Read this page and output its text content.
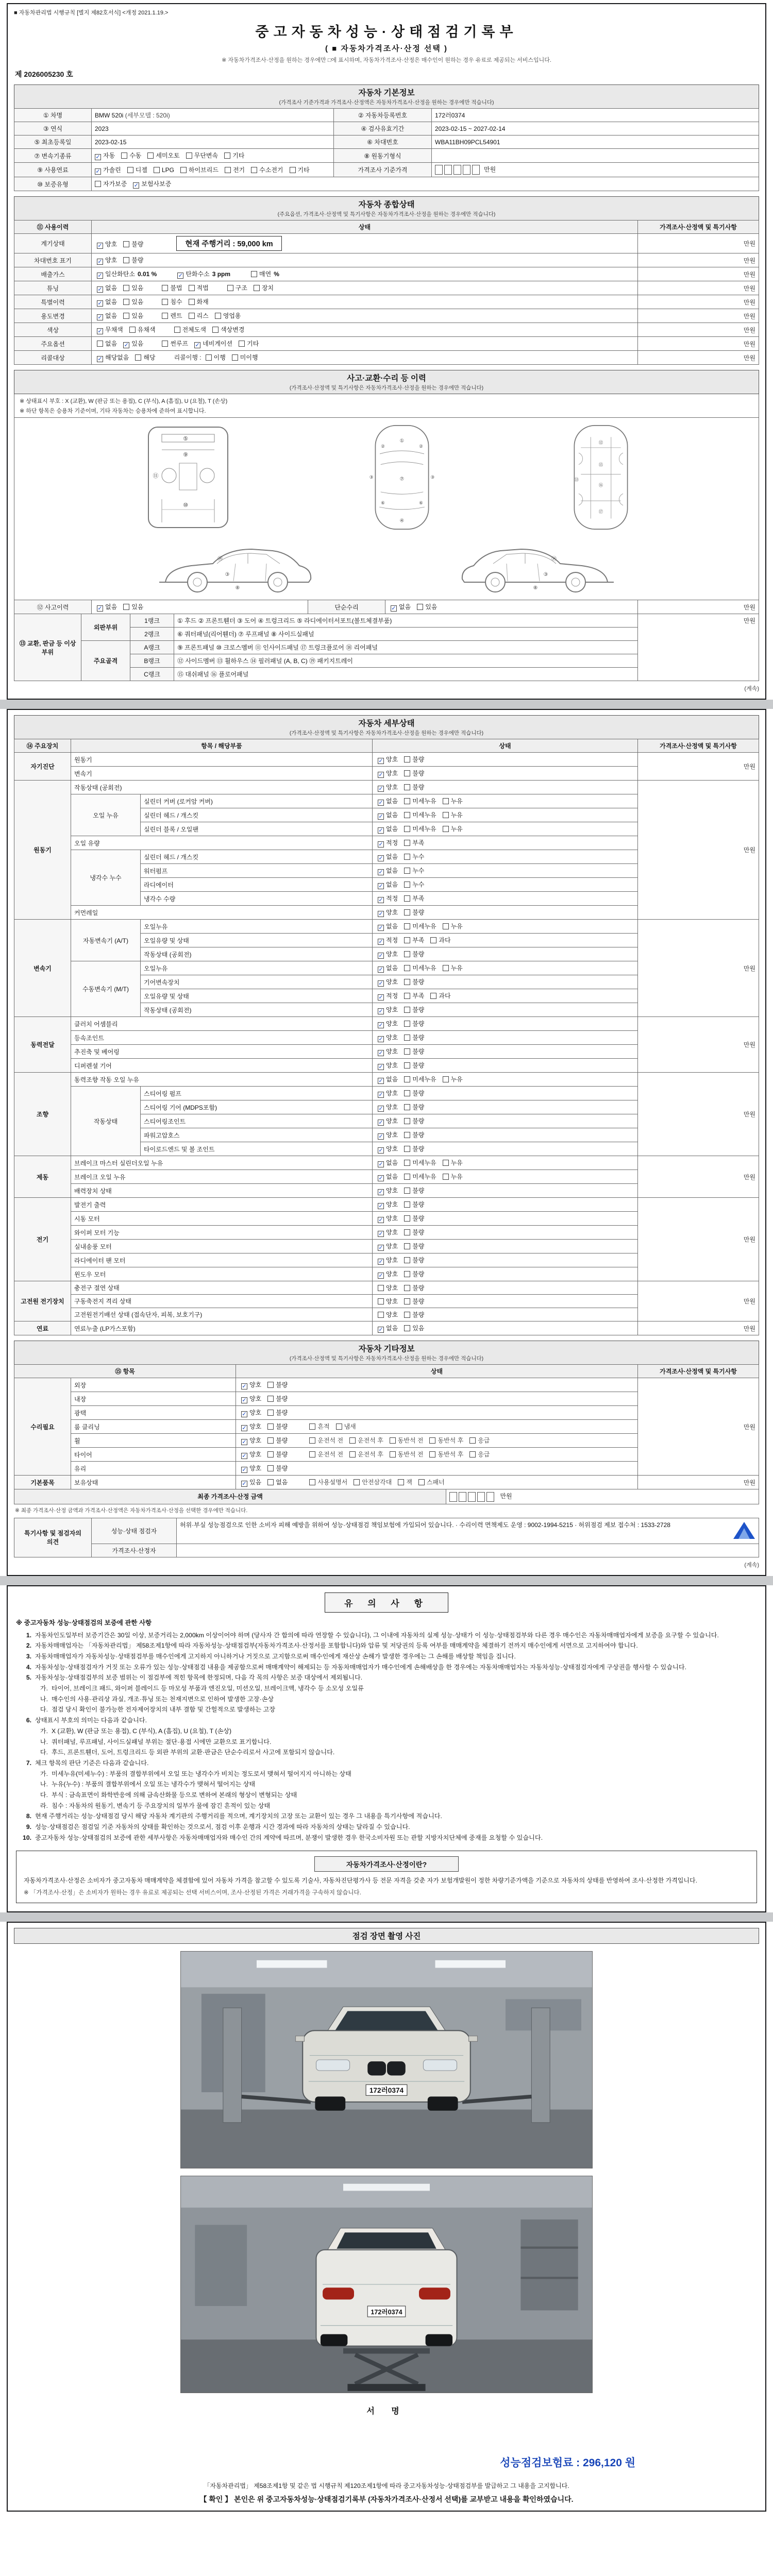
■ 자동차관리법 시행규칙 [별지 제82호서식] <개정 2021.1.19.>
중고자동차성능·상태점검기록부
( ■ 자동차가격조사·산정 선택 )
※ 자동차가격조사·산정을 원하는 경우에만 □에 표시하며, 자동차가격조사·산정은 매수인이 원하는 경우 유료로 제공되는 서비스입니다.
제 2026005230 호
자동차 기본정보
(가격조사 기준가격과 가격조사·산정액은 자동차가격조사·산정을 원하는 경우에만 적습니다)
① 차명	BMW 520i (세부모델 : 520i)	② 자동차등록번호	172러0374
③ 연식	2023	④ 검사유효기간	2023-02-15 ~ 2027-02-14
⑤ 최초등록일	2023-02-15	⑥ 차대번호	WBA11BH09PCL54901
⑦ 변속기종류	✓ 자동 수동 세미오토 무단변속 기타	⑧ 원동기형식	
⑨ 사용연료	✓ 가솔린 디젤 LPG 하이브리드 전기 수소전기 기타	가격조사 기준가격	만원
⑩ 보증유형	자가보증 ✓ 보험사보증		
자동차 종합상태
(주요옵션, 가격조사·산정액 및 특기사항은 자동차가격조사·산정을 원하는 경우에만 적습니다)
⑪ 사용이력	상태	가격조사·산정액 및 특기사항
계기상태	✓ 양호 불량 현재 주행거리 : 59,000 km	만원
차대번호 표기	✓ 양호 불량	만원
배출가스	✓ 일산화탄소 0.01 % ✓ 탄화수소 3 ppm 매연 %	만원
튜닝	✓ 없음 있음 불법 적법 구조 장치	만원
특별이력	✓ 없음 있음 침수 화재	만원
용도변경	✓ 없음 있음 렌트 리스 영업용	만원
색상	✓ 무채색 유채색 전체도색 색상변경	만원
주요옵션	없음 ✓ 있음 썬루프 ✓ 네비게이션 기타	만원
리콜대상	✓ 해당없음 해당 리콜이행 : 이행 미이행	만원
사고·교환·수리 등 이력
(가격조사·산정액 및 특기사항은 자동차가격조사·산정을 원하는 경우에만 적습니다)
※ 상태표시 부호 : X (교환), W (판금 또는 용접), C (부식), A (흠집), U (요철), T (손상)
※ 하단 항목은 승용차 기준이며, 기타 자동차는 승용차에 준하여 표시합니다.
⑤
⑨
⑪
⑩
①
②	②
⑦
③	③
⑥	⑥
④
⑫
⑮
⑯
⑰
⑬
③
⑧
⑭
③
⑧
⑭
⑫ 사고이력	✓ 없음 있음	단순수리	✓ 없음 있음	만원
⑬ 교환, 판금 등 이상 부위	외판부위	1랭크	① 후드 ② 프론트휀더 ③ 도어 ④ 트렁크리드 ⑤ 라디에이터서포트(볼트체결부품)	만원
		2랭크	⑥ 쿼터패널(리어휀더) ⑦ 루프패널 ⑧ 사이드실패널	
	주요골격	A랭크	⑨ 프론트패널 ⑩ 크로스멤버 ⑪ 인사이드패널 ⑰ 트렁크플로어 ⑱ 리어패널	
		B랭크	⑫ 사이드멤버 ⑬ 휠하우스 ⑭ 필러패널 (A, B, C) ⑲ 패키지트레이	
		C랭크	⑮ 대쉬패널 ⑯ 플로어패널	
(계속)
자동차 세부상태
(가격조사·산정액 및 특기사항은 자동차가격조사·산정을 원하는 경우에만 적습니다)
⑭ 주요장치	항목 / 해당부품		상태	가격조사·산정액 및 특기사항
자기진단	원동기		✓ 양호 불량	만원
	변속기		✓ 양호 불량	
원동기	작동상태 (공회전)		✓ 양호 불량	만원
	오일 누유	실린더 커버 (로커암 커버)	✓ 없음 미세누유 누유	
		실린더 헤드 / 개스킷	✓ 없음 미세누유 누유	
		실린더 블록 / 오일팬	✓ 없음 미세누유 누유	
	오일 유량		✓ 적정 부족	
	냉각수 누수	실린더 헤드 / 개스킷	✓ 없음 누수	
		워터펌프	✓ 없음 누수	
		라디에이터	✓ 없음 누수	
		냉각수 수량	✓ 적정 부족	
	커먼레일		✓ 양호 불량	
변속기	자동변속기 (A/T)	오일누유	✓ 없음 미세누유 누유	만원
		오일유량 및 상태	✓ 적정 부족 과다	
		작동상태 (공회전)	✓ 양호 불량	
	수동변속기 (M/T)	오일누유	✓ 없음 미세누유 누유	
		기어변속장치	✓ 양호 불량	
		오일유량 및 상태	✓ 적정 부족 과다	
		작동상태 (공회전)	✓ 양호 불량	
동력전달	클러치 어셈블리		✓ 양호 불량	만원
	등속조인트		✓ 양호 불량	
	추진축 및 베어링		✓ 양호 불량	
	디퍼렌셜 기어		✓ 양호 불량	
조향	동력조향 작동 오일 누유		✓ 없음 미세누유 누유	만원
	작동상태	스티어링 펌프	✓ 양호 불량	
		스티어링 기어 (MDPS포함)	✓ 양호 불량	
		스티어링조인트	✓ 양호 불량	
		파워고압호스	✓ 양호 불량	
		타이로드엔드 및 볼 조인트	✓ 양호 불량	
제동	브레이크 마스터 실린더오일 누유		✓ 없음 미세누유 누유	만원
	브레이크 오일 누유		✓ 없음 미세누유 누유	
	배력장치 상태		✓ 양호 불량	
전기	발전기 출력		✓ 양호 불량	만원
	시동 모터		✓ 양호 불량	
	와이퍼 모터 기능		✓ 양호 불량	
	실내송풍 모터		✓ 양호 불량	
	라디에이터 팬 모터		✓ 양호 불량	
	윈도우 모터		✓ 양호 불량	
고전원 전기장치	충전구 절연 상태		양호 불량	만원
	구동축전지 격리 상태		양호 불량	
	고전원전기배선 상태 (접속단자, 피복, 보호기구)		양호 불량	
연료	연료누출 (LP가스포함)		✓ 없음 있음	만원
자동차 기타정보
(가격조사·산정액 및 특기사항은 자동차가격조사·산정을 원하는 경우에만 적습니다)
⑮ 항목		상태	가격조사·산정액 및 특기사항
수리필요	외장	✓ 양호 불량	만원
	내장	✓ 양호 불량	
	광택	✓ 양호 불량	
	룸 클리닝	✓ 양호 불량 흔적 냄새	
	휠	✓ 양호 불량 운전석 전 운전석 후 동반석 전 동반석 후 응급	
	타이어	✓ 양호 불량 운전석 전 운전석 후 동반석 전 동반석 후 응급	
	유리	✓ 양호 불량	
기본품목	보유상태	✓ 있음 없음 사용설명서 안전삼각대 잭 스패너	만원
최종 가격조사·산정 금액	만원
※ 최종 가격조사·산정 금액과 가격조사·산정액은 자동차가격조사·산정을 선택한 경우에만 적습니다.
특기사항 및 점검자의 의견	성능·상태 점검자	허위·부실 성능점검으로 인한 소비자 피해 예방을 위하여 성능·상태점검 책임보험에 가입되어 있습니다. · 수리이력 면책제도 운영 : 9002-1994-5215 · 허위점검 제보 접수처 : 1533-2728
	가격조사·산정자	
(계속)
유 의 사 항
※ 중고자동차 성능·상태점검의 보증에 관한 사항
1. 자동차인도일부터 보증기간은 30일 이상, 보증거리는 2,000km 이상이어야 하며 (당사자 간 합의에 따라 연장할 수 있습니다), 그 이내에 자동차의 실제 성능·상태가 이 성능·상태점검부와 다른 경우 매수인은 자동차매매업자에게 보증을 요구할 수 있습니다.
2. 자동차매매업자는 「자동차관리법」 제58조제1항에 따라 자동차성능·상태점검부(자동차가격조사·산정서를 포함합니다)와 압류 및 저당권의 등록 여부를 매매계약을 체결하기 전까지 매수인에게 서면으로 고지하여야 합니다.
3. 자동차매매업자가 자동차성능·상태점검부를 매수인에게 고지하지 아니하거나 거짓으로 고지함으로써 매수인에게 재산상 손해가 발생한 경우에는 그 손해를 배상할 책임을 집니다.
4. 자동차성능·상태점검자가 거짓 또는 오류가 있는 성능·상태점검 내용을 제공함으로써 매매계약이 해제되는 등 자동차매매업자가 매수인에게 손해배상을 한 경우에는 자동차매매업자는 자동차성능·상태점검자에게 구상권을 행사할 수 있습니다.
5. 자동차성능·상태점검부의 보증 범위는 이 점검부에 적힌 항목에 한정되며, 다음 각 목의 사항은 보증 대상에서 제외됩니다.
가. 타이어, 브레이크 패드, 와이퍼 블레이드 등 마모성 부품과 엔진오일, 미션오일, 브레이크액, 냉각수 등 소모성 오일류
나. 매수인의 사용·관리상 과실, 개조·튜닝 또는 천재지변으로 인하여 발생한 고장·손상
다. 점검 당시 확인이 불가능한 전자제어장치의 내부 결함 및 간헐적으로 발생하는 고장
6. 상태표시 부호의 의미는 다음과 같습니다.
가. X (교환), W (판금 또는 용접), C (부식), A (흠집), U (요철), T (손상)
나. 쿼터패널, 루프패널, 사이드실패널 부위는 절단·용접 시에만 교환으로 표기합니다.
다. 후드, 프론트휀더, 도어, 트렁크리드 등 외판 부위의 교환·판금은 단순수리로서 사고에 포함되지 않습니다.
7. 체크 항목의 판단 기준은 다음과 같습니다.
가. 미세누유(미세누수) : 부품의 결합부위에서 오일 또는 냉각수가 비치는 정도로서 맺혀서 떨어지지 아니하는 상태
나. 누유(누수) : 부품의 결합부위에서 오일 또는 냉각수가 맺혀서 떨어지는 상태
다. 부식 : 금속표면이 화학반응에 의해 금속산화물 등으로 변하여 본래의 형상이 변형되는 상태
라. 침수 : 자동차의 원동기, 변속기 등 주요장치의 일부가 물에 잠긴 흔적이 있는 상태
8. 현재 주행거리는 성능·상태점검 당시 해당 자동차 계기판의 주행거리를 적으며, 계기장치의 고장 또는 교환이 있는 경우 그 내용을 특기사항에 적습니다.
9. 성능·상태점검은 점검일 기준 자동차의 상태를 확인하는 것으로서, 점검 이후 운행과 시간 경과에 따라 자동차의 상태는 달라질 수 있습니다.
10. 중고자동차 성능·상태점검의 보증에 관한 세부사항은 자동차매매업자와 매수인 간의 계약에 따르며, 분쟁이 발생한 경우 한국소비자원 또는 관할 지방자치단체에 중재를 요청할 수 있습니다.
자동차가격조사·산정이란?
자동차가격조사·산정은 소비자가 중고자동차 매매계약을 체결함에 있어 자동차 가격을 참고할 수 있도록 기술사, 자동차진단평가사 등 전문 자격을 갖춘 자가 보험개발원이 정한 차량기준가액을 기준으로 자동차의 상태를 반영하여 조사·산정한 가격입니다.
※ 「가격조사·산정」은 소비자가 원하는 경우 유료로 제공되는 선택 서비스이며, 조사·산정된 가격은 거래가격을 구속하지 않습니다.
점검 장면 촬영 사진
172러0374
172러0374
서 명
성능점검보험료 : 296,120 원
「자동차관리법」 제58조제1항 및 같은 법 시행규칙 제120조제1항에 따라 중고자동차성능·상태점검부를 발급하고 그 내용을 고지합니다.
【 확인 】 본인은 위 중고자동차성능·상태점검기록부 (자동차가격조사·산정서 선택)를 교부받고 내용을 확인하였습니다.
